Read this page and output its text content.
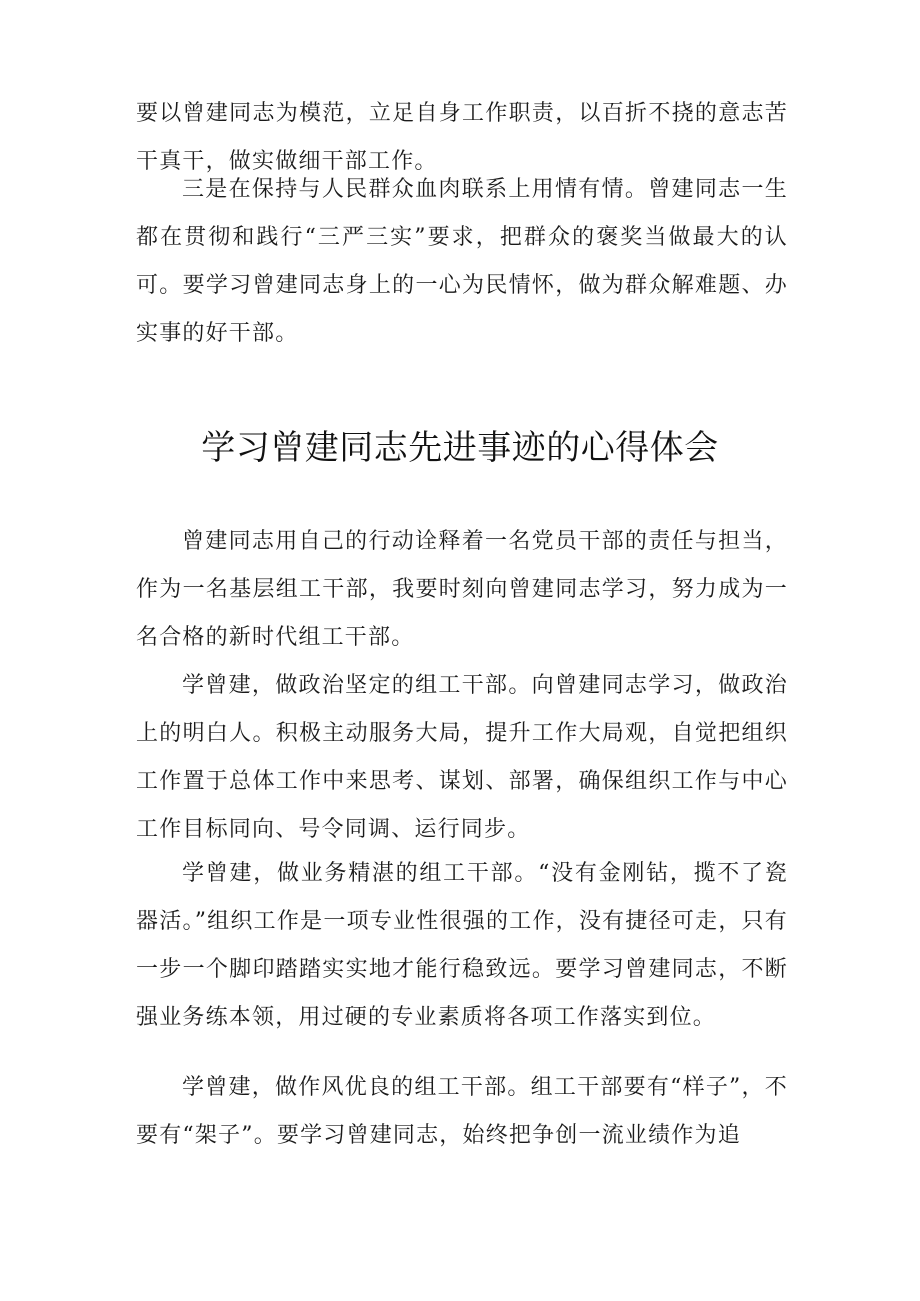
要以曾建同志为模范，立足自身工作职责，以百折不挠的意志苦干真干，做实做细干部工作。

三是在保持与人民群众血肉联系上用情有情。曾建同志一生都在贯彻和践行“三严三实”要求，把群众的褒奖当做最大的认可。要学习曾建同志身上的一心为民情怀，做为群众解难题、办实事的好干部。

学习曾建同志先进事迹的心得体会

曾建同志用自己的行动诠释着一名党员干部的责任与担当，作为一名基层组工干部，我要时刻向曾建同志学习，努力成为一名合格的新时代组工干部。

学曾建，做政治坚定的组工干部。向曾建同志学习，做政治上的明白人。积极主动服务大局，提升工作大局观，自觉把组织工作置于总体工作中来思考、谋划、部署，确保组织工作与中心工作目标同向、号令同调、运行同步。

学曾建，做业务精湛的组工干部。“没有金刚钻，揽不了瓷器活。”组织工作是一项专业性很强的工作，没有捷径可走，只有一步一个脚印踏踏实实地才能行稳致远。要学习曾建同志，不断强业务练本领，用过硬的专业素质将各项工作落实到位。

学曾建，做作风优良的组工干部。组工干部要有“样子”，不要有“架子”。要学习曾建同志，始终把争创一流业绩作为追
